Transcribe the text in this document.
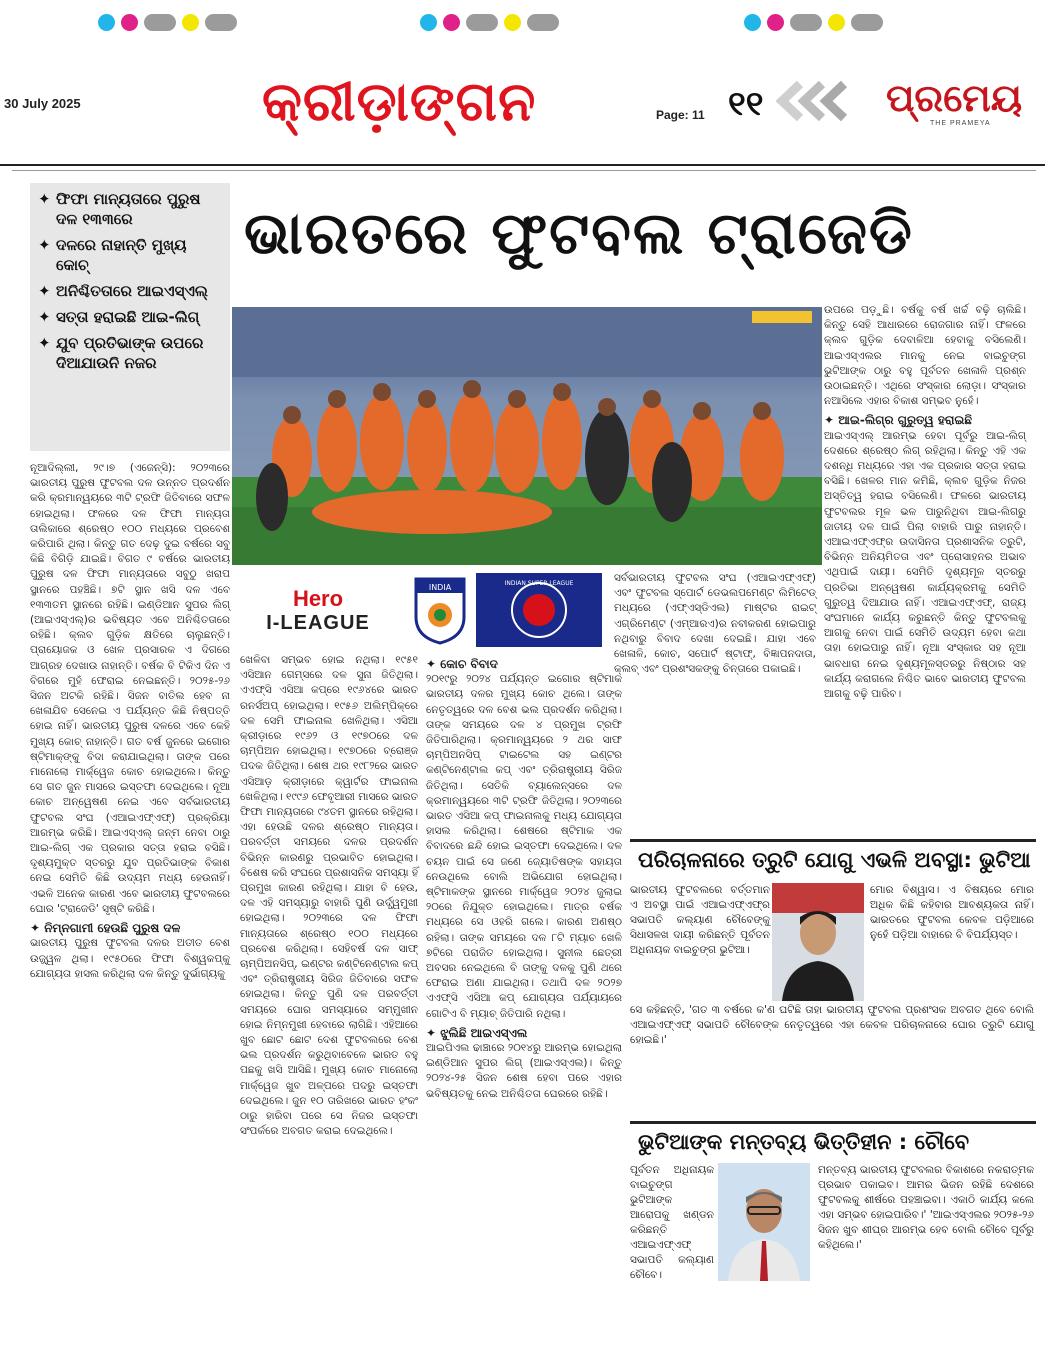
30 July 2025	କ୍ରୀଡ଼ାଙ୍ଗନ	Page: 11 ୧୧	ପ୍ରମେୟ
THE PRAMEYA
✦ ଫିଫା ମାନ୍ୟତାରେ ପୁରୁଷ ଦଳ ୧୩୩ରେ
✦ ଦଳରେ ନାହାନ୍ତି ମୁଖ୍ୟ କୋଚ୍
✦ ଅନିଶ୍ଚିତତାରେ ଆଇଏସ୍‌ଏଲ୍
✦ ସତ୍ତା ହରାଇଛି ଆଇ-ଲିଗ୍
✦ ଯୁବ ପ୍ରତିଭାଙ୍କ ଉପରେ ଦିଆଯାଉନି ନଜର
ଭାରତରେ ଫୁଟବଲ ଟ୍ରାଜେଡି
Hero
I-LEAGUE
INDIA	INDIAN SUPER LEAGUE

ନୂଆଦିଲ୍ଲୀ, ୨୯।୭ (ଏଜେନ୍ସି): ୨୦୨୩ରେ ଭାରତୀୟ ପୁରୁଷ ଫୁଟବଲ ଦଳ ଉନ୍ନତ ପ୍ରଦର୍ଶନ କରି କ୍ରମାନ୍ୱୟରେ ୩ଟି ଟ୍ରଫି ଜିତିବାରେ ସଫଳ ହୋଇଥିଲା। ଫଳରେ ଦଳ ଫିଫା ମାନ୍ୟତା ତାଲିକାରେ ଶ୍ରେଷ୍ଠ ୧୦୦ ମଧ୍ୟରେ ପ୍ରବେଶ କରିପାରି ଥିଲା। କିନ୍ତୁ ଗତ ଦେଢ଼ ଦୁଇ ବର୍ଷରେ ସବୁ କିଛି ବିଗିଡ଼ି ଯାଇଛି। ବିଗତ ୯ ବର୍ଷରେ ଭାରତୀୟ ପୁରୁଷ ଦଳ ଫିଫା ମାନ୍ୟତାରେ ସବୁଠୁ ଖରାପ ସ୍ଥାନରେ ପହଞ୍ଚିଛି। ୭ଟି ସ୍ଥାନ ଖସି ଦଳ ଏବେ ୧୩୩ତମ ସ୍ଥାନରେ ରହିଛି। ଇଣ୍ଡିଆନ ସୁପର ଲିଗ୍ (ଆଇଏସ୍‌ଏଲ୍)ର ଭବିଷ୍ୟତ ଏବେ ଅନିଶ୍ଚିତତାରେ ରହିଛି। କ୍ଲବ ଗୁଡ଼ିକ କ୍ଷତିରେ ଚାଲୁଛନ୍ତି। ପ୍ରାୟୋଜକ ଓ ଖେଳ ପ୍ରସାରକ ଏ ଦିଗରେ ଆଗ୍ରହ ଦେଖାଉ ନାହାନ୍ତି। ବର୍ଷକ ବି ଟିକିଏ ଦିନ ଏ ବିଗରେ ମୁହଁ ଫେରାଇ ନେଇଛନ୍ତି। ୨୦୨୫-୨୬ ସିଜନ ଅଟକି ରହିଛି। ସିଜନ ବାତିଲ ହେବ ନା ଖେଳାଯିବ ସେନେଇ ଏ ପର୍ଯ୍ୟନ୍ତ କିଛି ନିଷ୍ପତ୍ତି ହୋଇ ନାହିଁ। ଭାରତୀୟ ପୁରୁଷ ଦଳରେ ଏବେ କେହି ମୁଖ୍ୟ କୋଚ୍ ନାହାନ୍ତି। ଗତ ବର୍ଷ ଜୁନରେ ଇଗୋର ଷ୍ଟିମାକ୍‌ଙ୍କୁ ବିଦା କରାଯାଇଥିଲା। ତାଙ୍କ ପରେ ମାନୋଲୋ ମାର୍କ୍ୱେଜ କୋଚ ହୋଇଥିଲେ। କିନ୍ତୁ ସେ ଗତ ଜୁନ ମାସରେ ଇସ୍ତଫା ଦେଇଥିଲେ। ନୂଆ କୋଚ ଅନ୍ୱେଷଣ ନେଇ ଏବେ ସର୍ବଭାରତୀୟ ଫୁଟବଲ ସଂଘ (ଏଆଇଏଫ୍‌ଏଫ୍) ପ୍ରକ୍ରିୟା ଆରମ୍ଭ କରିଛି। ଆଇଏସ୍‌ଏଲ୍ ଜନ୍ମ ନେବା ଠାରୁ ଆଇ-ଲିଗ୍ ଏକ ପ୍ରକାର ସତ୍ତା ହରାଇ ବସିଛି। ଦୃଶ୍ୟମୁକ୍ତ ସ୍ତରରୁ ଯୁବ ପ୍ରତିଭାଙ୍କ ବିକାଶ ନେଇ ସେମିତି କିଛି ଉଦ୍ୟମ ମଧ୍ୟ ହେଉନାହିଁ। ଏଭଳି ଅନେକ କାରଣ ଏବେ ଭାରତୀୟ ଫୁଟବଲରେ ଘୋର 'ଟ୍ରାଜେଡି' ସୃଷ୍ଟି କରିଛି।

✦ ନିମ୍ନଗାମୀ ହେଉଛି ପୁରୁଷ ଦଳ

ଭାରତୀୟ ପୁରୁଷ ଫୁଟବଲ ଦଳର ଅତୀତ ବେଶ ଉଜ୍ଜ୍ୱଳ ଥିଲା। ୧୯୫୦ରେ ଫିଫା ବିଶ୍ୱକପ୍‌କୁ ଯୋଗ୍ୟତା ହାସଲ କରିଥିଲା ଦଳ କିନ୍ତୁ ଦୁର୍ଭାଗ୍ୟକୁ

ଖେଳିବା ସମ୍ଭବ ହୋଇ ନଥିଲା। ୧୯୫୧ ଏସିଆନ ଗେମ୍ସରେ ଦଳ ସୁନା ଜିତିଥିଲା। ଏଏଫ୍‌ସି ଏସିଆ କପ୍‌ରେ ୧୯୬୪ରେ ଭାରତ ରନର୍ସଅପ୍ ହୋଇଥିଲା। ୧୯୫୬ ଅଲିମ୍ପିକ୍‌ରେ ଦଳ ସେମି ଫାଇନାଲ ଖେଳିଥିଲା। ଏସିଆ କ୍ରୀଡ଼ାରେ ୧୯୬୨ ଓ ୧୯୭୦ରେ ଦଳ ଚାମ୍ପିଅନ ହୋଇଥିଲା। ୧୯୭୦ରେ ବ୍ରୋଞ୍ଜ ପଦକ ଜିତିଥିଲା। ଶେଷ ଥର ୧୯୮୨ରେ ଭାରତ ଏସିଆଡ଼ କ୍ରୀଡ଼ାରେ କ୍ୱାର୍ଟର ଫାଇନାଲ ଖେଳିଥିଲା। ୧୯୯୬ ଫେବୃଆରୀ ମାସରେ ଭାରତ ଫିଫା ମାନ୍ୟତାରେ ୯୪ତମ ସ୍ଥାନରେ ରହିଥିଲା। ଏହା ହେଉଛି ଦଳର ଶ୍ରେଷ୍ଠ ମାନ୍ୟତା। ପରବର୍ତ୍ତୀ ସମୟରେ ଦଳର ପ୍ରଦର୍ଶନ ବିଭିନ୍ନ କାରଣରୁ ପ୍ରଭାବିତ ହୋଇଥିଲା। ବିଶେଷ କରି ସଂଘରେ ପ୍ରଶାସନିକ ସମସ୍ୟା ହିଁ ପ୍ରମୁଖ କାରଣ ରହିଥିଲା। ଯାହା ବି ହେଉ, ଦଳ ଏହି ସମସ୍ୟାରୁ ବାହାରି ପୁଣି ଉର୍ଦ୍ଧ୍ୱମୁଖୀ ହୋଇଥିଲା। ୨୦୨୩ରେ ଦଳ ଫିଫା ମାନ୍ୟତାରେ ଶ୍ରେଷ୍ଠ ୧୦୦ ମଧ୍ୟରେ ପ୍ରବେଶ କରିଥିଲା। ସେହିବର୍ଷ ଦଳ ସାଫ୍ ଚାମ୍ପିଅନସିପ୍, ଇଣ୍ଟର କଣ୍ଟିନେଣ୍ଟାଲ କପ୍ ଏବଂ ତ୍ରିରାଷ୍ଟ୍ରୀୟ ସିରିଜ ଜିତିବାରେ ସଫଳ ହୋଇଥିଲା। କିନ୍ତୁ ପୁଣି ଦଳ ପରବର୍ତ୍ତୀ ସମୟରେ ଘୋର ସମସ୍ୟାରେ ସମ୍ମୁଖୀନ ହୋଇ ନିମ୍ନମୁଖୀ ହେବାରେ ଲାଗିଛି। ଏହିଆରେ ଖୁବ ଛୋଟ ଛୋଟ ଦେଶ ଫୁଟବଲରେ ବେଶ ଭଲ ପ୍ରଦର୍ଶନ କରୁଥିବାବେଳେ ଭାରତ ବହୁ ପଛକୁ ଖସି ଆସିଛି। ମୁଖ୍ୟ କୋଚ ମାନୋଲୋ ମାର୍କ୍ୱେଜ ଖୁବ ଅଳ୍ପରେ ପଦରୁ ଇସ୍ତଫା ଦେଇଥିଲେ। ଜୁନ ୧୦ ତାରିଖରେ ଭାରତ ହଂକଂ ଠାରୁ ହାରିବା ପରେ ସେ ନିଜର ଇସ୍ତଫା ସଂପର୍କରେ ଅବଗତ କରାଇ ଦେଇଥିଲେ।

✦ କୋଚ ବିବାଦ

୨୦୧୯ରୁ ୨୦୨୪ ପର୍ଯ୍ୟନ୍ତ ଇଗୋର ଷ୍ଟିମାକ ଭାରତୀୟ ଦଳର ମୁଖ୍ୟ କୋଚ ଥିଲେ। ତାଙ୍କ ନେତୃତ୍ୱରେ ଦଳ ବେଶ ଭଲ ପ୍ରଦର୍ଶନ କରିଥିଲା। ତାଙ୍କ ସମୟରେ ଦଳ ୪ ପ୍ରମୁଖ ଟ୍ରଫି ଜିତିପାରିଥିଲା। କ୍ରମାନ୍ୱୟରେ ୨ ଥର ସାଫ ଚାମ୍ପିଅନସିପ୍ ଟାଇଟେଲ ସହ ଇଣ୍ଟର କଣ୍ଟିନେଣ୍ଟାଲ କପ୍ ଏବଂ ତ୍ରିରାଷ୍ଟ୍ରୀୟ ସିରିଜ ଜିତିଥିଲା। ସେତିକି ବ୍ୟାଲେନ୍ସରେ ଦଳ କ୍ରମାନ୍ୱୟରେ ୩ଟି ଟ୍ରଫି ଜିତିଥିଲା। ୨୦୨୩ରେ ଭାରତ ଏସିଆ କପ୍ ଫାଇନାଲକୁ ମଧ୍ୟ ଯୋଗ୍ୟତା ହାସଲ କରିଥିଲା। ଶେଷରେ ଷ୍ଟିମାକ ଏକ ବିବାଦରେ ଛନ୍ଦି ହୋଇ ଇସ୍ତଫା ଦେଇଥିଲେ। ଦଳ ଚୟନ ପାଇଁ ସେ ଜଣେ ଜ୍ୟୋତିଷଙ୍କ ସହାୟତା ନେଉଥିଲେ ବୋଲି ଅଭିଯୋଗ ହୋଇଥିଲା। ଷ୍ଟିମାକଙ୍କ ସ୍ଥାନରେ ମାର୍କ୍ୱେଜ ୨୦୨୪ ଜୁଲାଇ ୨୦ରେ ନିଯୁକ୍ତ ହୋଇଥିଲେ। ମାତ୍ର ବର୍ଷକ ମଧ୍ୟରେ ସେ ଓହରି ଗଲେ। କାରଣ ଅଣଷ୍ଠ ରହିଲା। ତାଙ୍କ ସମୟରେ ଦଳ ୮ଟି ମ୍ୟାଚ ଖେଳି ୭ଟିରେ ପରାଜିତ ହୋଇଥିଲା। ସୁନୀଲ ଛେତ୍ରୀ ଅବସର ନେଇଥିଲେ ବି ତାଙ୍କୁ ଦଳକୁ ପୁଣି ଥରେ ଫେରାଇ ଅଣା ଯାଇଥିଲା। ତଥାପି ଦଳ ୨୦୨୭ ଏଏଫ୍‌ସି ଏସିଆ କପ୍ ଯୋଗ୍ୟତା ପର୍ଯ୍ୟାୟରେ ଗୋଟିଏ ବି ମ୍ୟାଚ୍ ଜିତିପାରି ନଥିଲା।

✦ ଝୁଲିଛି ଆଇଏସ୍‌ଏଲ

ଆଇପିଏଲ ଢାଞ୍ଚାରେ ୨୦୧୪ରୁ ଆରମ୍ଭ ହୋଇଥିଲା ଇଣ୍ଡିଆନ ସୁପର ଲିଗ୍ (ଆଇଏସ୍‌ଏଲ)। କିନ୍ତୁ ୨୦୨୪-୨୫ ସିଜନ ଶେଷ ହେବା ପରେ ଏହାର ଭବିଷ୍ୟତକୁ ନେଇ ଅନିଶ୍ଚିତତା ଘେରରେ ରହିଛି।

ସର୍ବଭାରତୀୟ ଫୁଟବଲ ସଂଘ (ଏଆଇଏଫ୍‌ଏଫ୍) ଏବଂ ଫୁଟବଲ ସ୍ପୋର୍ଟ ଡେଭଲପମେଣ୍ଟ ଲିମିଟେଡ୍ ମଧ୍ୟରେ (ଏଫ୍‌ଏସ୍‌ଡିଏଲ) ମାଷ୍ଟର ରାଇଟ୍ ଏଗ୍ରିମେଣ୍ଟ (ଏମ୍‌ଆରଏ)ର ନବୀକରଣ ହୋଇପାରୁ ନଥିବାରୁ ବିବାଦ ଦେଖା ଦେଇଛି। ଯାହା ଏବେ ଖେଳାଳି, କୋଚ, ସପୋର୍ଟ ଷ୍ଟାଫ୍, ବିଜ୍ଞାପନଦାତା, କ୍ଲବ୍ ଏବଂ ପ୍ରଶଂସକଙ୍କୁ ଚିନ୍ତାରେ ପକାଇଛି।

ଉପରେ ପଡ଼ୁଛି। ବର୍ଷକୁ ବର୍ଷ ଖର୍ଚ୍ଚ ବଢ଼ି ଚାଲିଛି। କିନ୍ତୁ ସେହି ଆଧାରରେ ରୋଜଗାର ନାହିଁ। ଫଳରେ କ୍ଲବ ଗୁଡ଼ିକ ଦେବାଳିଆ ହେବାକୁ ବସିଲେଣି। ଆଇଏସ୍‌ଏଲର ମାନକୁ ନେଇ ବାଇଚୁଙ୍ଗ ଭୁଟିଆଙ୍କ ଠାରୁ ବହୁ ପୂର୍ବତନ ଖେଳାଳି ପ୍ରଶ୍ନ ଉଠାଇଛନ୍ତି। ଏଥିରେ ସଂସ୍କାର ଲୋଡ଼ା। ସଂସ୍କାର ନଆସିଲେ ଏହାର ବିକାଶ ସମ୍ଭବ ନୁହେଁ।

✦ ଆଇ-ଲିଗ୍‌ର ଗୁରୁତ୍ୱ ହରାଇଛି

ଆଇଏସ୍‌ଏଲ୍ ଆରମ୍ଭ ହେବା ପୂର୍ବରୁ ଆଇ-ଲିଗ୍ ଦେଶରେ ଶ୍ରେଷ୍ଠ ଲିଗ୍ ରହିଥିଲା। କିନ୍ତୁ ଏହି ଏକ ଦଶନ୍ଧି ମଧ୍ୟରେ ଏହା ଏକ ପ୍ରକାର ସତ୍ତା ହରାଇ ବସିଛି। ଖେଳର ମାନ କମିଛି, କ୍ଲବ ଗୁଡ଼ିକ ନିଜର ଅସ୍ତିତ୍ୱ ହରାଇ ବସିଲେଣି। ଫଳରେ ଭାରତୀୟ ଫୁଟବଲର ମୂଳ ଭଳ ପାରୁନିଥିବା ଆଇ-ଲିଗରୁ ଜାତୀୟ ଦଳ ପାଇଁ ପିଲା ବାହାରି ପାରୁ ନାହାନ୍ତି। ଏଆଇଏଫ୍‌ଏଫ୍‌ର ଉଦାସିନତା ପ୍ରଶାସନିକ ତ୍ରୁଟି, ବିଭିନ୍ନ ଅନିୟମିତତା ଏବଂ ପ୍ରୋସାହନର ଅଭାବ ଏଥିପାଇଁ ଦାୟୀ। ସେମିତି ଦୃଶ୍ୟମୂଳ ସ୍ତରରୁ ପ୍ରତିଭା ଅନ୍ୱେଷଣ କାର୍ଯ୍ୟକ୍ରମକୁ ସେମିତି ଗୁରୁତ୍ୱ ଦିଆଯାଉ ନାହିଁ। ଏଆଇଏଫ୍‌ଏଫ୍, ରାଜ୍ୟ ସଂଘମାନେ କାର୍ଯ୍ୟ କରୁଛନ୍ତି କିନ୍ତୁ ଫୁଟବଲକୁ ଆଗକୁ ନେବା ପାଇଁ ସେମିତି ଉଦ୍ୟମ ହେବା କଥା ତାହା ହୋଇପାରୁ ନାହିଁ। ନୂଆ ସଂସ୍କାର ସହ ନୂଆ ଭାବଧାରା ନେଇ ଦୃଶ୍ୟମୂଳସ୍ତରରୁ ନିଷ୍ଠାର ସହ କାର୍ଯ୍ୟ କରାଗଲେ ନିଶ୍ଚିତ ଭାବେ ଭାରତୀୟ ଫୁଟବଲ ଆଗକୁ ବଢ଼ି ପାରିବ।

ପରିଚାଳନାରେ ତ୍ରୁଟି ଯୋଗୁ ଏଭଳି ଅବସ୍ଥା: ଭୁଟିଆ
ଭାରତୀୟ ଫୁଟବଲରେ ବର୍ତ୍ତମାନ ଏ ଅବସ୍ଥା ପାଇଁ ଏଆଇଏଫ୍‌ଏଫ୍‌ର ସଭାପତି କଲ୍ୟାଣ ଚୌବେଙ୍କୁ ସିଧାସଳଖ ଦାୟୀ କରିଛନ୍ତି ପୂର୍ବତନ ଅଧିନାୟକ ବାଇଚୁଙ୍ଗ ଭୁଟିଆ।
ମୋର ବିଶ୍ୱାସ। ଏ ବିଷୟରେ ମୋର ଅଧିକ କିଛି କହିବାର ଆବଶ୍ୟକତା ନାହିଁ। ଭାରତରେ ଫୁଟବଲ କେବଳ ପଡ଼ିଆରେ ନୁହେଁ ପଡ଼ିଆ ବାହାରେ ବି ବିପର୍ଯ୍ୟସ୍ତ।
ସେ କହିଛନ୍ତି, 'ଗତ ୩ ବର୍ଷରେ କ'ଣ ଘଟିଛି ତାହା ଭାରତୀୟ ଫୁଟବଲ ପ୍ରଶଂସକ ଅବଗତ ଥିବେ ବୋଲି ଏଆଇଏଫ୍‌ଏଫ୍ ସଭାପତି ଚୌବେଙ୍କ ନେତୃତ୍ୱରେ ଏହା କେବଳ ପରିଚାଳନାରେ ଘୋର ତ୍ରୁଟି ଯୋଗୁ ହୋଇଛି।'
ଭୁଟିଆଙ୍କ ମନ୍ତବ୍ୟ ଭିତ୍ତିହୀନ : ଚୌବେ
ପୂର୍ବତନ ଅଧିନାୟକ ବାଇଚୁଙ୍ଗ ଭୁଟିଆଙ୍କ ଆରୋପକୁ ଖଣ୍ଡନ କରିଛନ୍ତି ଏଆଇଏଫ୍‌ଏଫ୍ ସଭାପତି କଲ୍ୟାଣ ଚୌବେ।
ମନ୍ତବ୍ୟ ଭାରତୀୟ ଫୁଟବଲର ବିକାଶରେ ନକରାତ୍ମକ ପ୍ରଭାବ ପକାଇବ। ଆମର ଭିଜନ ରହିଛି ଦେଶରେ ଫୁଟବଲକୁ ଶୀର୍ଷରେ ପହଞ୍ଚାଇବା। ଏକାଠି କାର୍ଯ୍ୟ କଲେ ଏହା ସମ୍ଭବ ହୋଇପାରିବ।' 'ଆଇଏସ୍‌ଏଲର ୨୦୨୫-୨୬ ସିଜନ ଖୁବ ଶୀଘ୍ର ଆରମ୍ଭ ହେବ ବୋଲି ଚୌବେ ପୂର୍ବରୁ କହିଥିଲେ।'
